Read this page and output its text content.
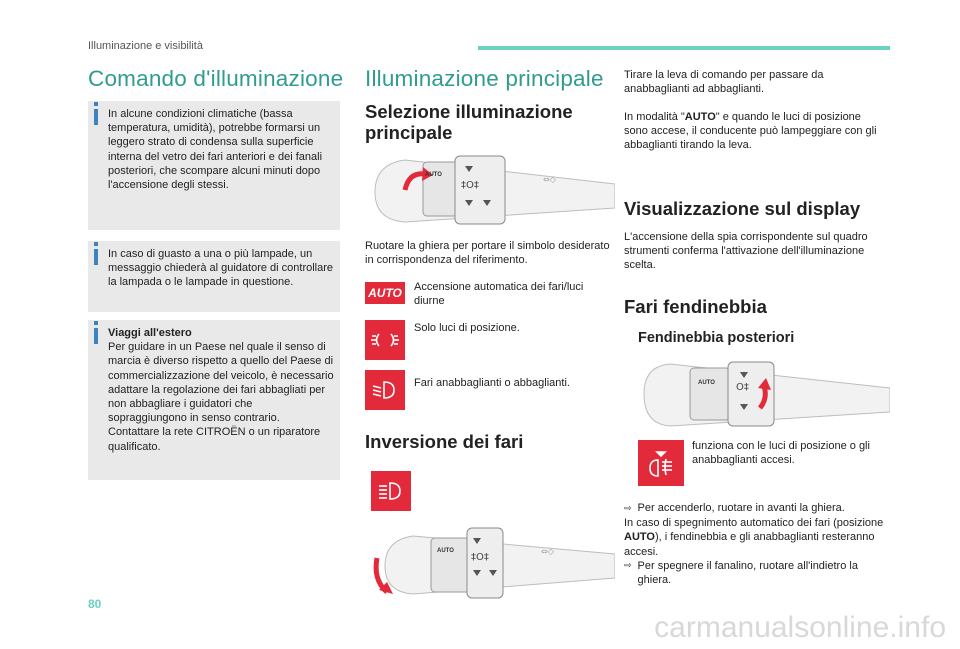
Illuminazione e visibilità
Comando d'illuminazione
In alcune condizioni climatiche (bassa temperatura, umidità), potrebbe formarsi un leggero strato di condensa sulla superficie interna del vetro dei fari anteriori e dei fanali posteriori, che scompare alcuni minuti dopo l'accensione degli stessi.
In caso di guasto a una o più lampade, un messaggio chiederà al guidatore di controllare la lampada o le lampade in questione.
Viaggi all'estero
Per guidare in un Paese nel quale il senso di marcia è diverso rispetto a quello del Paese di commercializzazione del veicolo, è necessario adattare la regolazione dei fari abbagliati per non abbagliare i guidatori che sopraggiungono in senso contrario. Contattare la rete CITROËN o un riparatore qualificato.
Illuminazione principale
Selezione illuminazione
principale
AUTO
‡O‡
⇔◇
Ruotare la ghiera per portare il simbolo desiderato in corrispondenza del riferimento.
AUTO Accensione automatica dei fari/luci diurne
Solo luci di posizione.
Fari anabbaglianti o abbaglianti.
Inversione dei fari
AUTO
‡O‡
⇔◇
Tirare la leva di comando per passare da anabbaglianti ad abbaglianti.
In modalità "AUTO" e quando le luci di posizione sono accese, il conducente può lampeggiare con gli abbaglianti tirando la leva.
Visualizzazione sul display
L'accensione della spia corrispondente sul quadro strumenti conferma l'attivazione dell'illuminazione scelta.
Fari fendinebbia
Fendinebbia posteriori
AUTO O‡
funziona con le luci di posizione o gli anabbaglianti accesi.
⇨ Per accenderlo, ruotare in avanti la ghiera.
In caso di spegnimento automatico dei fari (posizione AUTO), i fendinebbia e gli anabbaglianti resteranno accesi.
⇨ Per spegnere il fanalino, ruotare all'indietro la ghiera.
80
carmanualsonline.info
